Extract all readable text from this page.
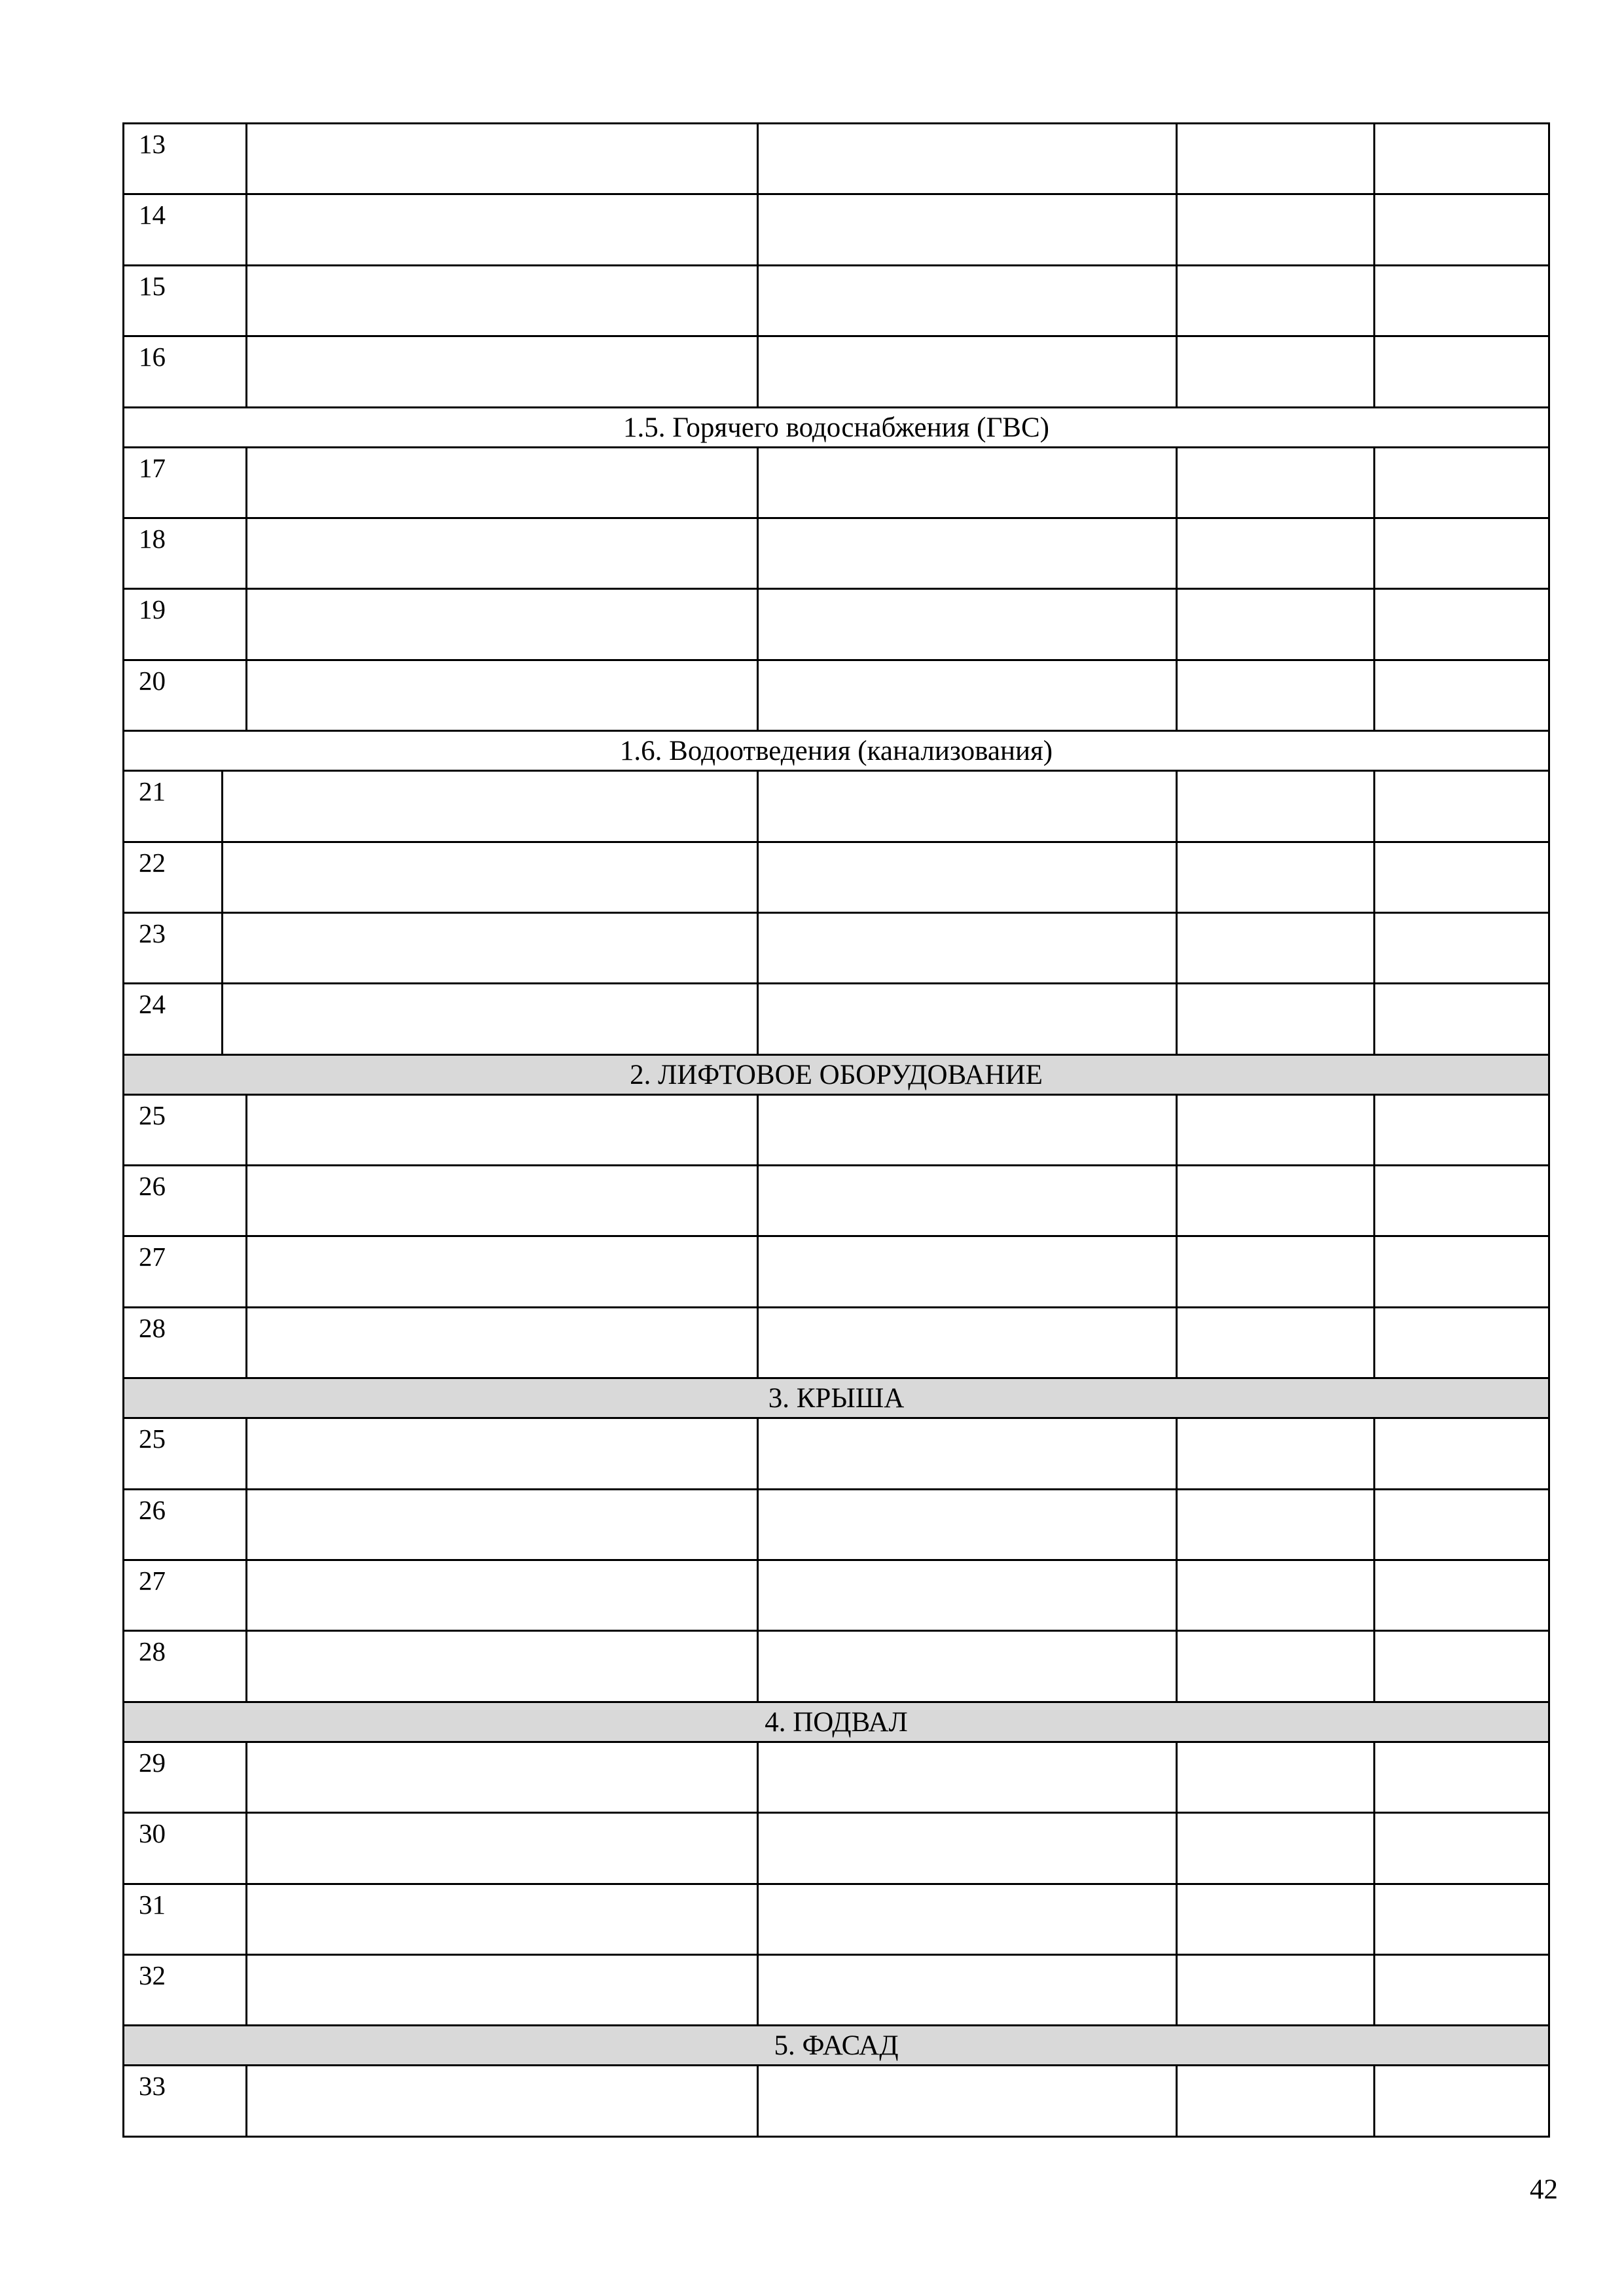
13					
14					
15					
16					
1.5. Горячего водоснабжения (ГВС)					
17					
18					
19					
20					
1.6. Водоотведения (канализования)					
21					
22					
23					
24					
2. ЛИФТОВОЕ ОБОРУДОВАНИЕ					
25					
26					
27					
28					
3. КРЫША					
25					
26					
27					
28					
4. ПОДВАЛ					
29					
30					
31					
32					
5. ФАСАД					
33					
42
